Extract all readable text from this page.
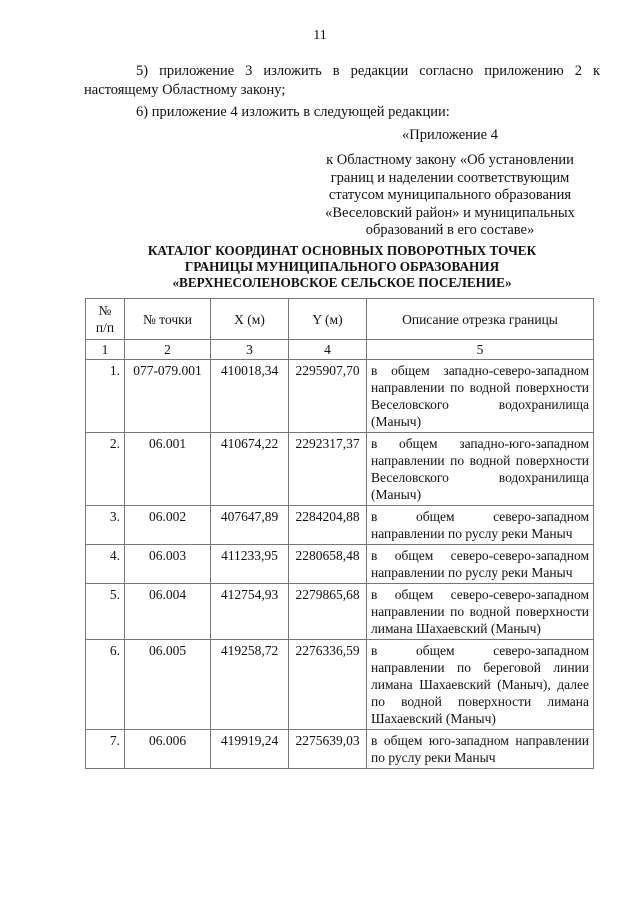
11

5) приложение 3 изложить в редакции согласно приложению 2 к настоящему Областному закону;

6) приложение 4 изложить в следующей редакции:

«Приложение 4
к Областному закону «Об установлении
границ и наделении соответствующим
статусом муниципального образования
«Веселовский район» и муниципальных
образований в его составе»
КАТАЛОГ КООРДИНАТ ОСНОВНЫХ ПОВОРОТНЫХ ТОЧЕК
ГРАНИЦЫ МУНИЦИПАЛЬНОГО ОБРАЗОВАНИЯ
«ВЕРХНЕСОЛЕНОВСКОЕ СЕЛЬСКОЕ ПОСЕЛЕНИЕ»
№
п/п	№ точки	X (м)	Y (м)	Описание отрезка границы
1	2	3	4	5
1.	077-079.001	410018,34	2295907,70	в общем западно-северо-западном направлении по водной поверхности Веселовского водохранилища (Маныч)
2.	06.001	410674,22	2292317,37	в общем западно-юго-западном направлении по водной поверхности Веселовского водохранилища (Маныч)
3.	06.002	407647,89	2284204,88	в общем северо-западном направлении по руслу реки Маныч
4.	06.003	411233,95	2280658,48	в общем северо-северо-западном направлении по руслу реки Маныч
5.	06.004	412754,93	2279865,68	в общем северо-северо-западном направлении по водной поверхности лимана Шахаевский (Маныч)
6.	06.005	419258,72	2276336,59	в общем северо-западном направлении по береговой линии лимана Шахаевский (Маныч), далее по водной поверхности лимана Шахаевский (Маныч)
7.	06.006	419919,24	2275639,03	в общем юго-западном направлении по руслу реки Маныч
